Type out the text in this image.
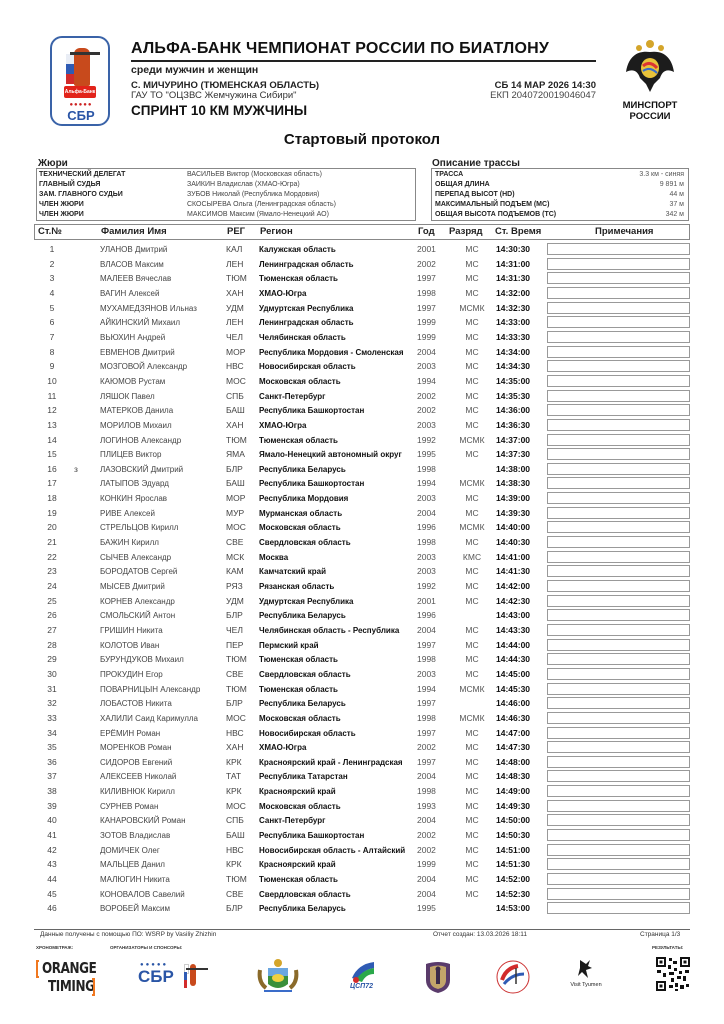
Альфа-Банк
●●●●●
СБР
АЛЬФА-БАНК ЧЕМПИОНАТ РОССИИ ПО БИАТЛОНУ
среди мужчин и женщин
С. МИЧУРИНО (ТЮМЕНСКАЯ ОБЛАСТЬ)
ГАУ ТО "ОЦЗВС Жемчужина Сибири"
СПРИНТ 10 КМ МУЖЧИНЫ
СБ 14 МАР 2026 14:30
ЕКП 2040720019046047
МИНСПОРТ
РОССИИ
Стартовый протокол
Жюри
ТЕХНИЧЕСКИЙ ДЕЛЕГАТ	ВАСИЛЬЕВ Виктор (Московская область)
ГЛАВНЫЙ СУДЬЯ	ЗАИКИН Владислав (ХМАО-Югра)
ЗАМ. ГЛАВНОГО СУДЬИ	ЗУБОВ Николай (Республика Мордовия)
ЧЛЕН ЖЮРИ	СКОСЫРЕВА Ольга (Ленинградская область)
ЧЛЕН ЖЮРИ	МАКСИМОВ Максим (Ямало-Ненецкий АО)
Описание трассы
ТРАССА	3.3 км - синяя
ОБЩАЯ ДЛИНА	9 891 м
ПЕРЕПАД ВЫСОТ (HD)	44 м
МАКСИМАЛЬНЫЙ ПОДЪЕМ (MC)	37 м
ОБЩАЯ ВЫСОТА ПОДЪЕМОВ (TC)	342 м
Ст.№	Фамилия Имя	РЕГ Регион	Год Разряд Ст. Время	Примечания
1	УЛАНОВ Дмитрий	КАЛ Калужская область	2001	МС	14:30:30
2	ВЛАСОВ Максим	ЛЕН Ленинградская область	2002	МС	14:31:00
3	МАЛЕЕВ Вячеслав	ТЮМ Тюменская область	1997	МС	14:31:30
4	ВАГИН Алексей	ХАН ХМАО-Югра	1998	МС	14:32:00
5	МУХАМЕДЗЯНОВ Ильназ	УДМ Удмуртская Республика	1997	МСМК	14:32:30
6	АЙКИНСКИЙ Михаил	ЛЕН Ленинградская область	1999	МС	14:33:00
7	ВЬЮХИН Андрей	ЧЕЛ Челябинская область	1999	МС	14:33:30
8	ЕВМЕНОВ Дмитрий	МОР Республика Мордовия - Смоленская 2004	МС	14:34:00
9	МОЗГОВОЙ Александр	НВС Новосибирская область	2003	МС	14:34:30
10	КАЮМОВ Рустам	МОС Московская область	1994	МС	14:35:00
11	ЛЯШОК Павел	СПБ Санкт-Петербург	2002	МС	14:35:30
12	МАТЕРКОВ Данила	БАШ Республика Башкортостан	2002	МС	14:36:00
13	МОРИЛОВ Михаил	ХАН ХМАО-Югра	2003	МС	14:36:30
14	ЛОГИНОВ Александр	ТЮМ Тюменская область	1992	МСМК	14:37:00
15	ПЛИЦЕВ Виктор	ЯМА Ямало-Ненецкий автономный округ 1995	МС	14:37:30
16	з	ЛАЗОВСКИЙ Дмитрий	БЛР Республика Беларусь	1998	14:38:00
17	ЛАТЫПОВ Эдуард	БАШ Республика Башкортостан	1994	МСМК	14:38:30
18	КОНКИН Ярослав	МОР Республика Мордовия	2003	МС	14:39:00
19	РИВЕ Алексей	МУР Мурманская область	2004	МС	14:39:30
20	СТРЕЛЬЦОВ Кирилл	МОС Московская область	1996	МСМК	14:40:00
21	БАЖИН Кирилл	СВЕ Свердловская область	1998	МС	14:40:30
22	СЫЧЕВ Александр	МСК Москва	2003	КМС	14:41:00
23	БОРОДАТОВ Сергей	КАМ Камчатский край	2003	МС	14:41:30
24	МЫСЕВ Дмитрий	РЯЗ Рязанская область	1992	МС	14:42:00
25	КОРНЕВ Александр	УДМ Удмуртская Республика	2001	МС	14:42:30
26	СМОЛЬСКИЙ Антон	БЛР Республика Беларусь	1996	14:43:00
27	ГРИШИН Никита	ЧЕЛ Челябинская область - Республика 2004	МС	14:43:30
28	КОЛОТОВ Иван	ПЕР Пермский край	1997	МС	14:44:00
29	БУРУНДУКОВ Михаил	ТЮМ Тюменская область	1998	МС	14:44:30
30	ПРОКУДИН Егор	СВЕ Свердловская область	2003	МС	14:45:00
31	ПОВАРНИЦЫН Александр	ТЮМ Тюменская область	1994	МСМК	14:45:30
32	ЛОБАСТОВ Никита	БЛР Республика Беларусь	1997	14:46:00
33	ХАЛИЛИ Саид Каримулла	МОС Московская область	1998	МСМК	14:46:30
34	ЕРЁМИН Роман	НВС Новосибирская область	1997	МС	14:47:00
35	МОРЕНКОВ Роман	ХАН ХМАО-Югра	2002	МС	14:47:30
36	СИДОРОВ Евгений	КРК Красноярский край - Ленинградская 1997	МС	14:48:00
37	АЛЕКСЕЕВ Николай	ТАТ Республика Татарстан	2004	МС	14:48:30
38	КИЛИВНЮК Кирилл	КРК Красноярский край	1998	МС	14:49:00
39	СУРНЕВ Роман	МОС Московская область	1993	МС	14:49:30
40	КАНАРОВСКИЙ Роман	СПБ Санкт-Петербург	2004	МС	14:50:00
41	ЗОТОВ Владислав	БАШ Республика Башкортостан	2002	МС	14:50:30
42	ДОМИЧЕК Олег	НВС Новосибирская область - Алтайский 2002	МС	14:51:00
43	МАЛЬЦЕВ Данил	КРК Красноярский край	1999	МС	14:51:30
44	МАЛЮГИН Никита	ТЮМ Тюменская область	2004	МС	14:52:00
45	КОНОВАЛОВ Савелий	СВЕ Свердловская область	2004	МС	14:52:30
46	ВОРОБЕЙ Максим	БЛР Республика Беларусь	1995	14:53:00
Данные получены с помощью ПО: WSRP by Vasiliy Zhizhin	Отчет создан: 13.03.2026 18:11	Страница 1/3
ХРОНОМЕТРАЖ:	ОРГАНИЗАТОРЫ И СПОНСОРЫ:	РЕЗУЛЬТАТЫ:
ORANGE
TIMING
●●●●●
СБР
ЦСП72	Visit Tyumen
